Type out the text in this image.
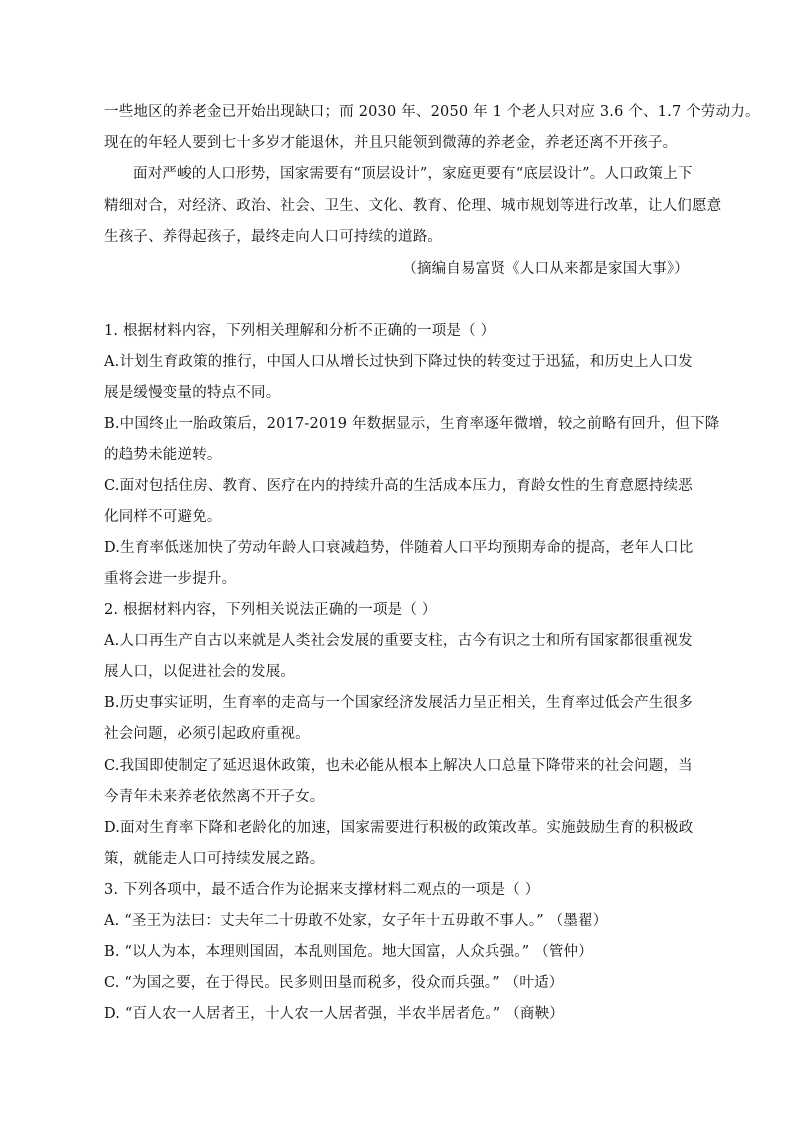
一些地区的养老金已开始出现缺口；而 2030 年、2050 年 1 个老人只对应 3.6 个、1.7 个劳动力。
现在的年轻人要到七十多岁才能退休，并且只能领到微薄的养老金，养老还离不开孩子。
面对严峻的人口形势，国家需要有“顶层设计”，家庭更要有“底层设计”。人口政策上下
精细对合，对经济、政治、社会、卫生、文化、教育、伦理、城市规划等进行改革，让人们愿意
生孩子、养得起孩子，最终走向人口可持续的道路。
（摘编自易富贤《人口从来都是家国大事》）
1. 根据材料内容，下列相关理解和分析不正确的一项是（ ）
A.计划生育政策的推行，中国人口从增长过快到下降过快的转变过于迅猛，和历史上人口发
展是缓慢变量的特点不同。
B.中国终止一胎政策后，2017-2019 年数据显示，生育率逐年微增，较之前略有回升，但下降
的趋势未能逆转。
C.面对包括住房、教育、医疗在内的持续升高的生活成本压力，育龄女性的生育意愿持续恶
化同样不可避免。
D.生育率低迷加快了劳动年龄人口衰减趋势，伴随着人口平均预期寿命的提高，老年人口比
重将会进一步提升。
2. 根据材料内容，下列相关说法正确的一项是（ ）
A.人口再生产自古以来就是人类社会发展的重要支柱，古今有识之士和所有国家都很重视发
展人口，以促进社会的发展。
B.历史事实证明，生育率的走高与一个国家经济发展活力呈正相关，生育率过低会产生很多
社会问题，必须引起政府重视。
C.我国即使制定了延迟退休政策，也未必能从根本上解决人口总量下降带来的社会问题，当
今青年未来养老依然离不开子女。
D.面对生育率下降和老龄化的加速，国家需要进行积极的政策改革。实施鼓励生育的积极政
策，就能走人口可持续发展之路。
3. 下列各项中，最不适合作为论据来支撑材料二观点的一项是（ ）
A. “圣王为法曰：丈夫年二十毋敢不处家，女子年十五毋敢不事人。” （墨翟）
B. “以人为本，本理则国固，本乱则国危。地大国富，人众兵强。” （管仲）
C. “为国之要，在于得民。民多则田垦而税多，役众而兵强。” （叶适）
D. “百人农一人居者王，十人农一人居者强，半农半居者危。” （商鞅）
